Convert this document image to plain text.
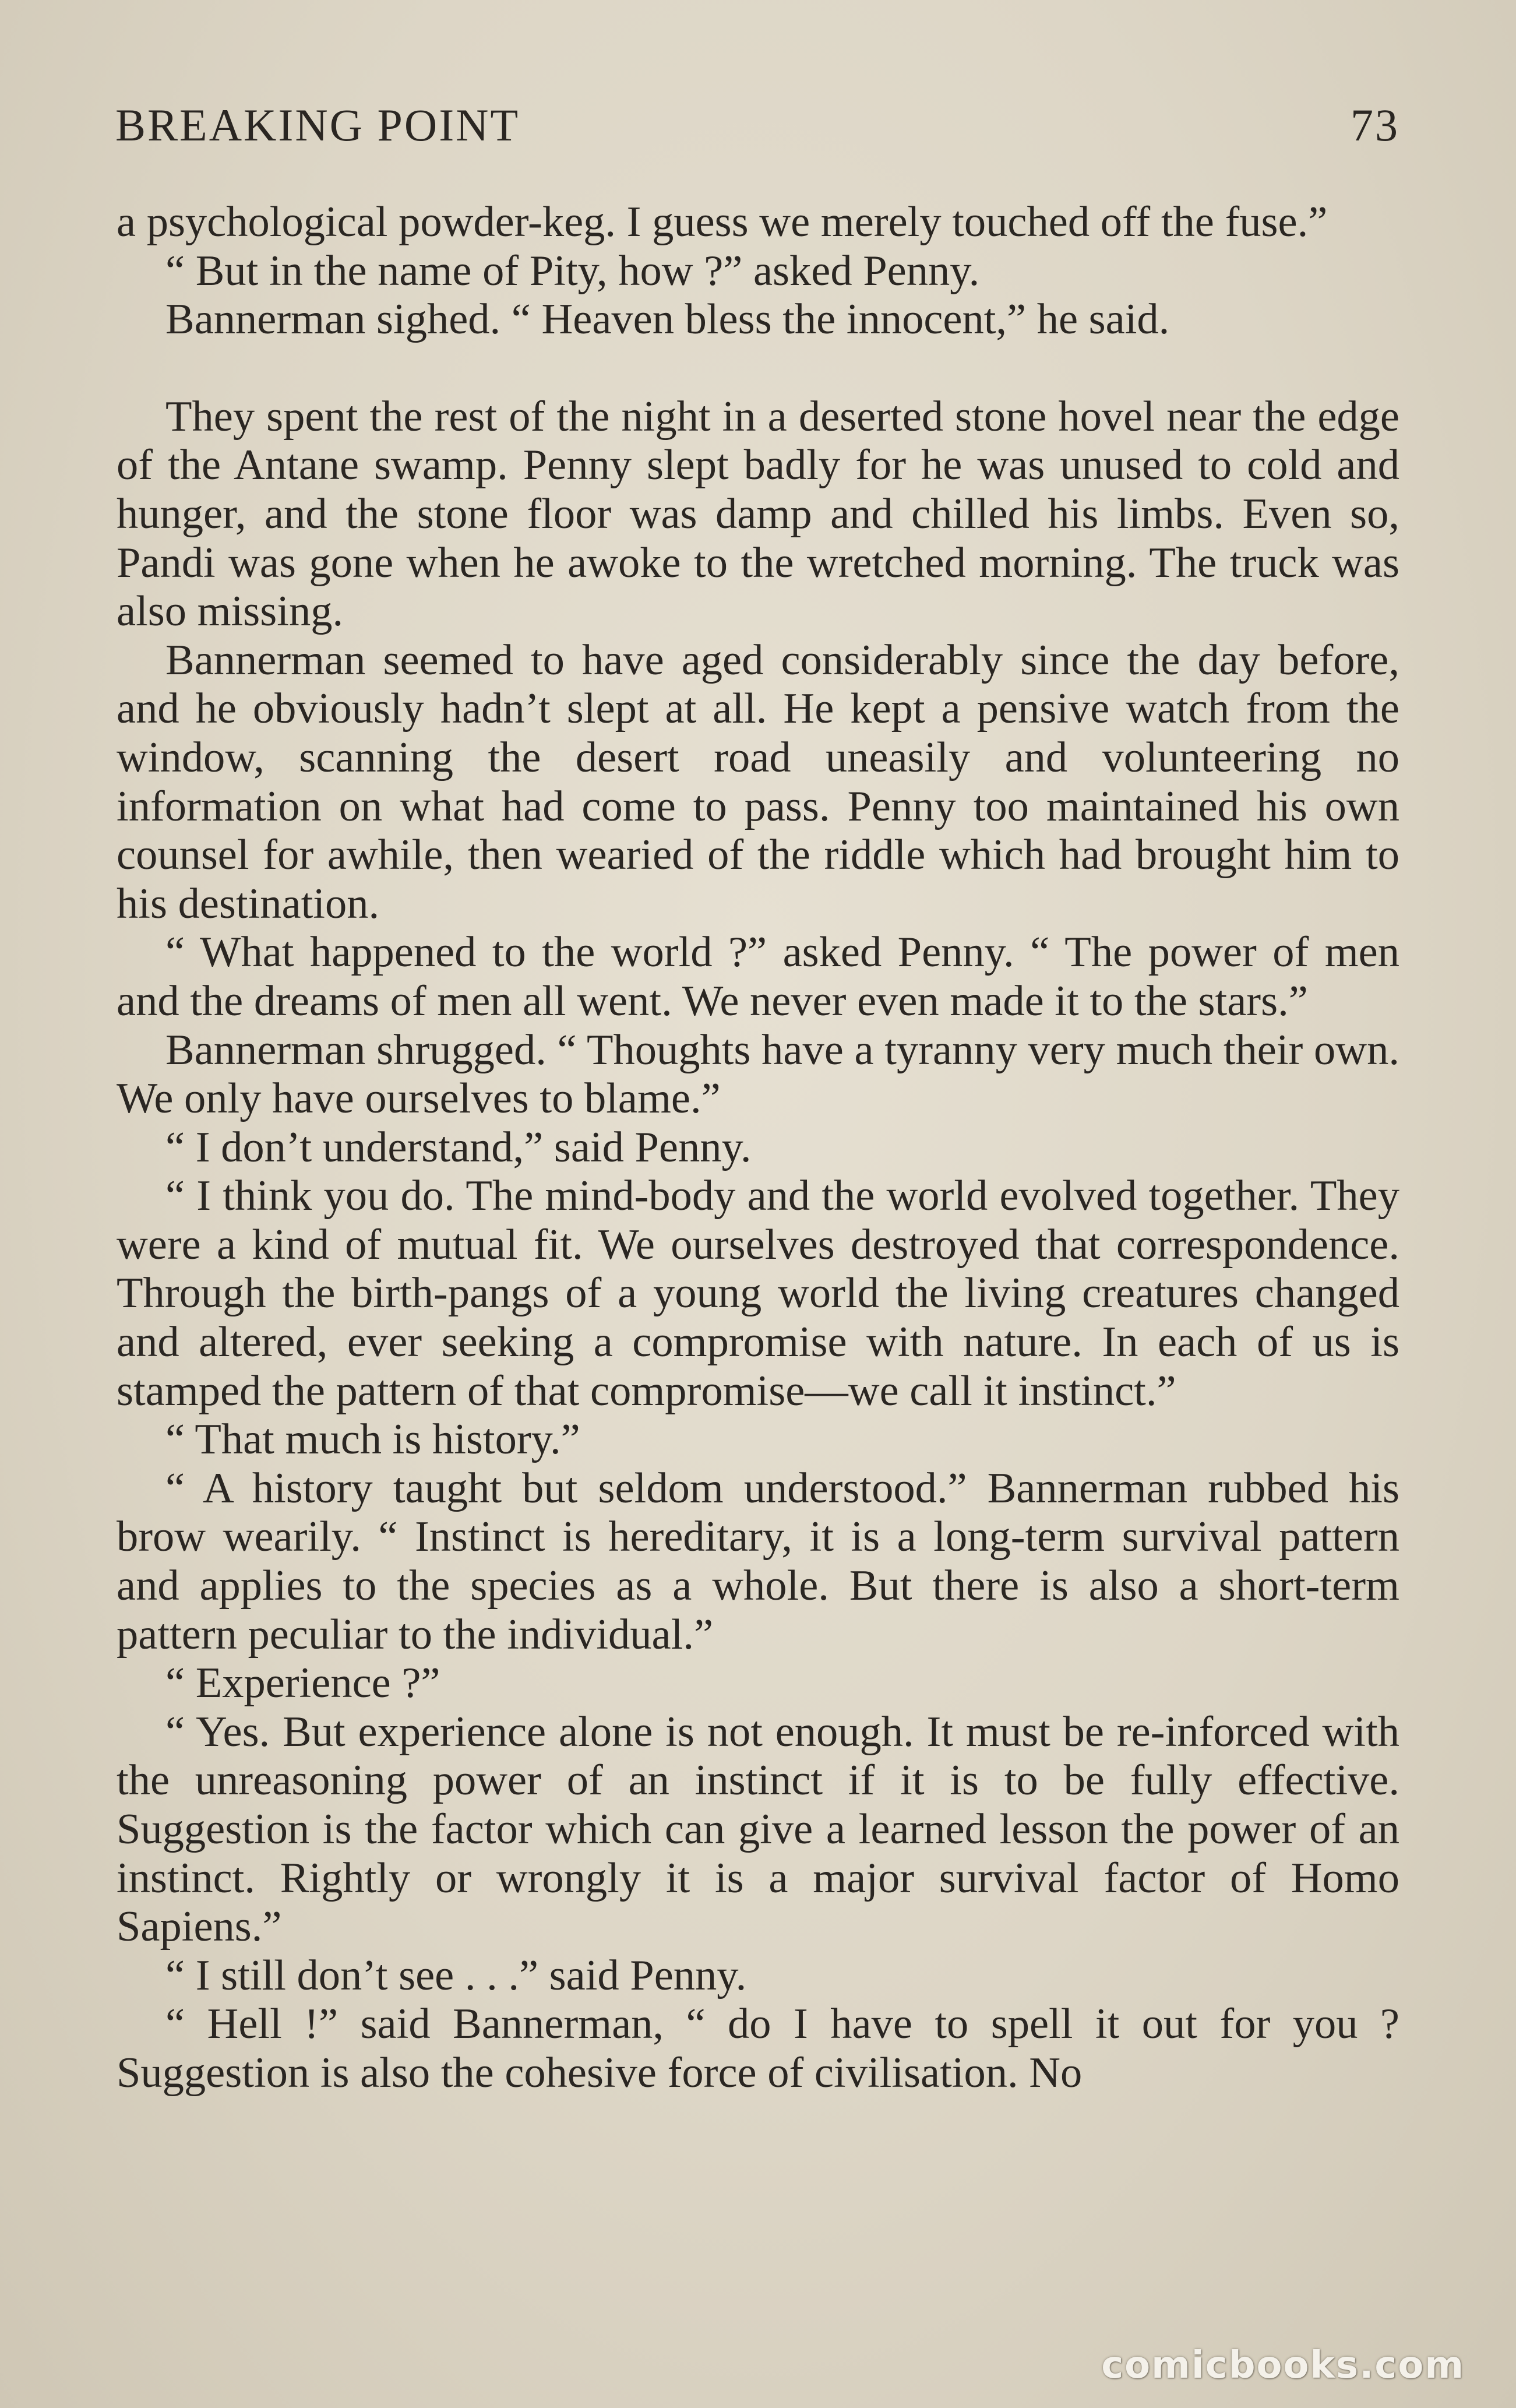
BREAKING POINT	73

a psychological powder-keg. I guess we merely touched off the fuse.”

“ But in the name of Pity, how ?” asked Penny.

Bannerman sighed. “ Heaven bless the innocent,” he said.

They spent the rest of the night in a deserted stone hovel near the edge of the Antane swamp. Penny slept badly for he was unused to cold and hunger, and the stone floor was damp and chilled his limbs. Even so, Pandi was gone when he awoke to the wretched morning. The truck was also missing.

Bannerman seemed to have aged considerably since the day before, and he obviously hadn’t slept at all. He kept a pensive watch from the window, scanning the desert road uneasily and volunteering no information on what had come to pass. Penny too maintained his own counsel for awhile, then wearied of the riddle which had brought him to his destination.

“ What happened to the world ?” asked Penny. “ The power of men and the dreams of men all went. We never even made it to the stars.”

Bannerman shrugged. “ Thoughts have a tyranny very much their own. We only have ourselves to blame.”

“ I don’t understand,” said Penny.

“ I think you do. The mind-body and the world evolved together. They were a kind of mutual fit. We ourselves destroyed that correspondence. Through the birth-pangs of a young world the living creatures changed and altered, ever seeking a compromise with nature. In each of us is stamped the pattern of that compromise—we call it instinct.”

“ That much is history.”

“ A history taught but seldom understood.” Bannerman rubbed his brow wearily. “ Instinct is hereditary, it is a long-term survival pattern and applies to the species as a whole. But there is also a short-term pattern peculiar to the individual.”

“ Experience ?”

“ Yes. But experience alone is not enough. It must be re-inforced with the unreasoning power of an instinct if it is to be fully effective. Suggestion is the factor which can give a learned lesson the power of an instinct. Rightly or wrongly it is a major survival factor of Homo Sapiens.”

“ I still don’t see . . .” said Penny.

“ Hell !” said Bannerman, “ do I have to spell it out for you ? Suggestion is also the cohesive force of civilisation. No

comicbooks.com
